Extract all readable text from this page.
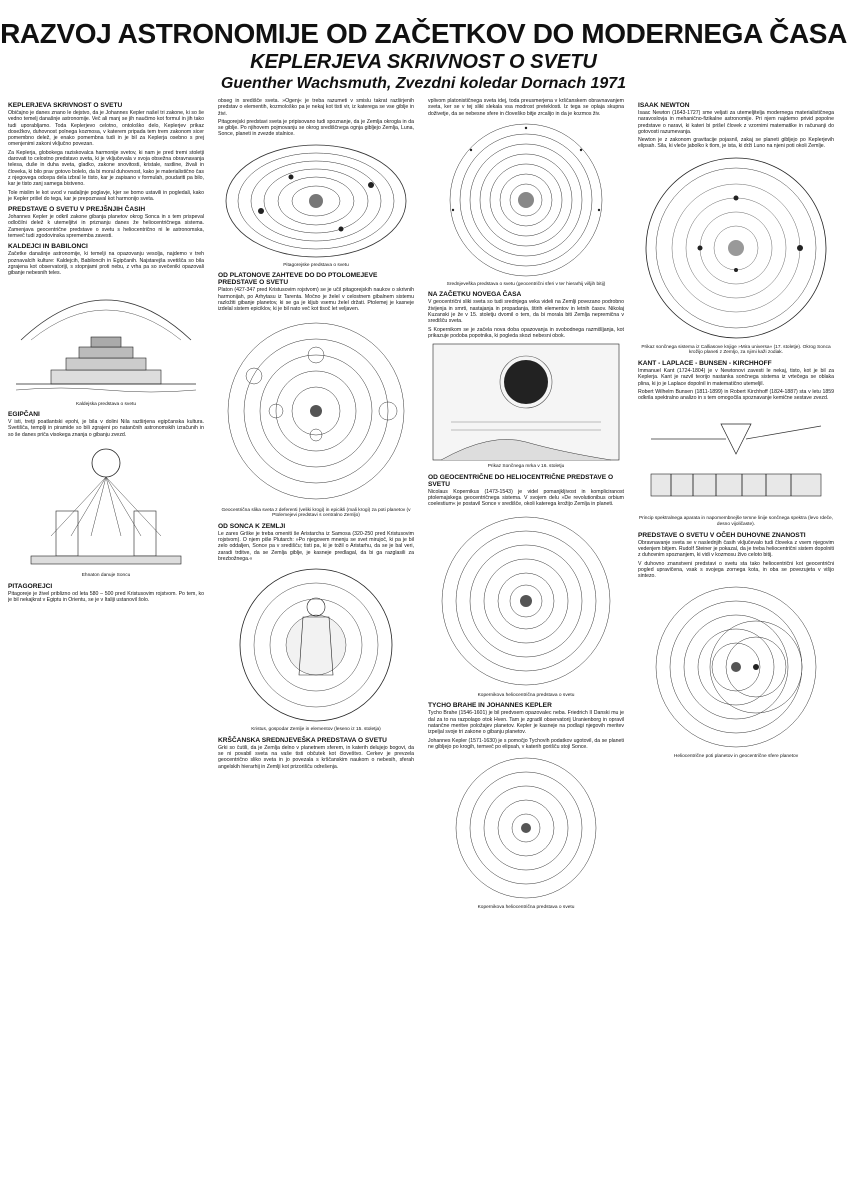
RAZVOJ ASTRONOMIJE OD ZAČETKOV DO MODERNEGA ČASA
KEPLERJEVA SKRIVNOST O SVETU
Guenther Wachsmuth, Zvezdni koledar Dornach 1971
KEPLERJEVA SKRIVNOST O SVETU

Običajno je danes znano le dejstvo, da je Johannes Kepler našel tri zakone, ki so še vedno temelj današnje astronomije. Več ali manj se jih naučimo kot formul in jih tako tudi uporabljamo. Toda Keplerjevo celotno, ontološko delo, Keplerjev prikaz dosežkov, duhovnost polnega kozmosa, v katerem pripada tem trem zakonom sicer pomembno delež, je enako pomembna tudi in je bil za Keplerja osebno s prej omenjenimi zakoni vključno povezan.

Za Keplerja, globokega raziskovalca harmonije svetov, ki nam je pred tremi stoletji darovati to celostno predstavo sveta, ki je vključevala v svoja obsežna obravnavanja telesa, duše in duha sveta, gladko, zakone snovitosti, kristale, rastline, živali in človeka, ki bilo prav gotovo bolelo, da bi moral duhovnost, kako je materialistično čas z njegovega odcepa dela izbral le tisto, kar je zapisano v formulah, poudariti pa bilo, kar je tisto zanj samega bistveno.

Tole mislim le kot uvod v nadaljnje poglavje, kjer se bomo ustavili in pogledali, kako je Kepler prišel do tega, kar je prepoznaval kot harmonijo sveta.

PREDSTAVE O SVETU V PREJŠNJIH ČASIH

Johannes Kepler je odkril zakone gibanja planetov okrog Sonca in s tem prispeval odločilni delež k utemeljitvi in priznanju danes že heliocentričnega sistema. Zamenjava geocentrične predstave o svetu s heliocentrično ni le astronomska, temveč tudi zgodovinska sprememba zavesti.

KALDEJCI IN BABILONCI

Začetke današnje astronomije, ki temelji na opazovanju vesolja, najdemo v treh poznavalcih kulture: Kaldejcih, Babiloncih in Egipčanih. Najstarejša svetišča so bila zgrajena kot observatoriji, s stopnjami proti nebu, z vrha pa so svečeniki opazovali gibanje nebesnih teles.

Kaldejska predstava o svetu
EGIPČANI

V isti, tretji poatlantski epohi, je bila v dolini Nila razširjena egipčanska kultura. Svetišča, templji in piramide so bili zgrajeni po natančnih astronomskih izračunih in so še danes priča visokega znanja o gibanju zvezd.

Ehnaton danuje Soncu
PITAGOREJCI

Pitagoreje je živel priblizno od leta 580 – 500 pred Kristusovim rojstvom. Po tem, ko je bil nekajkrat v Egiptu in Orientu, se je v Italiji ustanovil šolo.

obseg in središče sveta. »Ogenj« je treba razumeti v smislu takrat razširjenih predstav o elementih, kozmološko pa je nekaj kot tisti vir, iz katerega se vse giblje in živi.

Pitagorejski predstavi sveta je pripisovano tudi spoznanje, da je Zemlja okrogla in da se giblje. Po njihovem pojmovanju se okrog središčnega ognja gibljejo Zemlja, Luna, Sonce, planeti in zvezde stalnice.

Pitagorejske predstava o svetu
OD PLATONOVE ZAHTEVE DO DO PTOLOMEJEVE PREDSTAVE O SVETU

Platon (427-347 pred Kristusovim rojstvom) se je učil pitagorejskih naukov o skrivnih harmonijah, po Arhytasu iz Tarenta. Močno je želel v celostnem gibalnem sistemu razložiti gibanje planetov, ki se ga je kljub vsemu želel držati. Ptolemej je kasneje izdelal sistem epiciklov, ki je bil nato več kot tisoč let veljaven.

Geocentrična slika sveta z deferenti (veliki krogi) in epicikli (mali krogi) za poti planetov (v Ptolemejevi predstavi s centralno Zemljo)
OD SONCA K ZEMLJI

Le zares Grške je treba omeniti še Aristarcha iz Samosa (320-250 pred Kristusovim rojstvom). O njem piše Plutarch: »Po njegovem mnenju se svet mirujoč, ki pa je bil zelo oddaljen, Sonce pa v središču; tisti pa, ki je tožil o Aristarhu, da se je bal veri, zaradi trditve, da se Zemlja giblje, je kasneje predlagal, da bi ga razglasili za brezbožnega.«

Kristus, gospodar Zemlje in elementov (leseno iz 15. stoletja)
KRŠČANSKA SREDNJEVEŠKA PREDSTAVA O SVETU

Grki so čutili, da je Zemlja delno v planetnem sferem, in katerih delujejo bogovi, da se ni povabil sveta na vaše tisti občutek kot človeštvo. Cerkev je prevzela geocentrično sliko sveta in jo povezala s krščanskim naukom o nebesih, sferah angelskih hierarhij in Zemlji kot prizorišču odrešenja.

vplivom platonističnega sveta idej, toda preusmerjena v krščanskem obravnavanjem sveta, ker se v tej sliki slekala vsa modrost preteklosti. Iz tega se oplaja skupna doživetje, da se nebesne sfere in človeško bitje zrcalijo in da je kozmos živ.

Srednjeveška predstava o svetu (geocentrični sferi v ter hierarhij višjih bitij)
NA ZAČETKU NOVEGA ČASA

V geocentrični sliki sveta so tudi srednjega veka videli na Zemlji povezano podrobno živijenja in smrti, nastajanja in propadanja, štirih elementov in letnih časov. Nikolaj Kuzanski je že v 15. stoletju dvomil o tem, da bi morala biti Zemlja nepremična v središču sveta.

S Kopernikom se je začela nova doba opazovanja in svobodnega razmišljanja, kot prikazuje podoba popotnika, ki pogleda skozi nebesni obok.

Prikaz Sončnega mrka v 16. stoletju
OD GEOCENTRIČNE DO HELIOCENTRIČNE PREDSTAVE O SVETU

Nicolaus Kopernikus (1473-1543) je videl pomanjkljivost in kompliciranost ptolemajskega geocentričnega sistema. V svojem delu »De revolutionibus orbium coelestium« je postavil Sonce v središče, okoli katerega krožijo Zemlja in planeti.

Kopernikova heliocentrična predstava o svetu
TYCHO BRAHE IN JOHANNES KEPLER

Tycho Brahe (1546-1601) je bil predvsem opazovalec neba. Friedrich II Danski mu je dal za to na razpolago otok Hven. Tam je zgradil observatorij Uranienborg in opravil natančne meritve položajev planetov. Kepler je kasneje na podlagi njegovih meritev izpeljal svoje tri zakone o gibanju planetov.

Johannes Kepler (1571-1630) je s pomočjo Tychovih podatkov ugotovil, da se planeti ne gibljejo po krogih, temveč po elipsah, v katerih gorišču stoji Sonce.

Kopernikova heliocentrična predstava o svetu
ISAAK NEWTON

Isaac Newton (1643-1727) sme veljati za utemeljitelja modernega materialističnega naravoslovja in mehanično-fizikalne astronomije. Pri njem najdemo privid popolne predstave o naravi, ki kateri bi prišel človek z vzornimi matematike in računanji do gotovosti razumevanja.

Newton je z zakonom gravitacije pojasnil, zakaj se planeti gibljejo po Keplerjevih elipsah. Sila, ki vleče jabolko k tlom, je ista, ki drži Luno na njeni poti okoli Zemlje.

Prikaz sončnega sistema iz Calliasove knjige »Mira universa« (17. stoletje). Okrog Sonca krožijo planeti z Zemljo, za njimi kaži zodiak.
KANT - LAPLACE - BUNSEN - KIRCHHOFF

Immanuel Kant (1724-1804) je v Newtonovi zavesti le nekaj, tisto, kot je bil za Keplerja. Kant je razvil teorijo nastanka sončnega sistema iz vrtečega se oblaka plina, ki jo je Laplace dopolnil in matematično utemeljil.

Robert Wilhelm Bunsen (1811-1899) in Robert Kirchhoff (1824-1887) sta v letu 1859 odkrila spektralno analizo in s tem omogočila spoznavanje kemične sestave zvezd.

Princip spektralnega aparata in napomembnejše temne linije sončnega spektra (levo rdeče, desno vijoličaste).
PREDSTAVE O SVETU V OČEH DUHOVNE ZNANOSTI

Obravnavanje sveta se v naslednjih časih vključevalo tudi človeka z vsem njegovim vedenjem bitjem. Rudolf Steiner je pokazal, da je treba heliocentrični sistem dopolniti z duhovnim spoznanjem, ki vidi v kozmosu živo celoto bitij.

V duhovno znanstveni predstavi o svetu sta tako heliocentrični kot geocentrični pogled upravičena, vsak s svojega zornega kota, in oba se povezujeta v višjo sintezo.

Heliocentrične poti planetov in geocentrične sfere planetov
